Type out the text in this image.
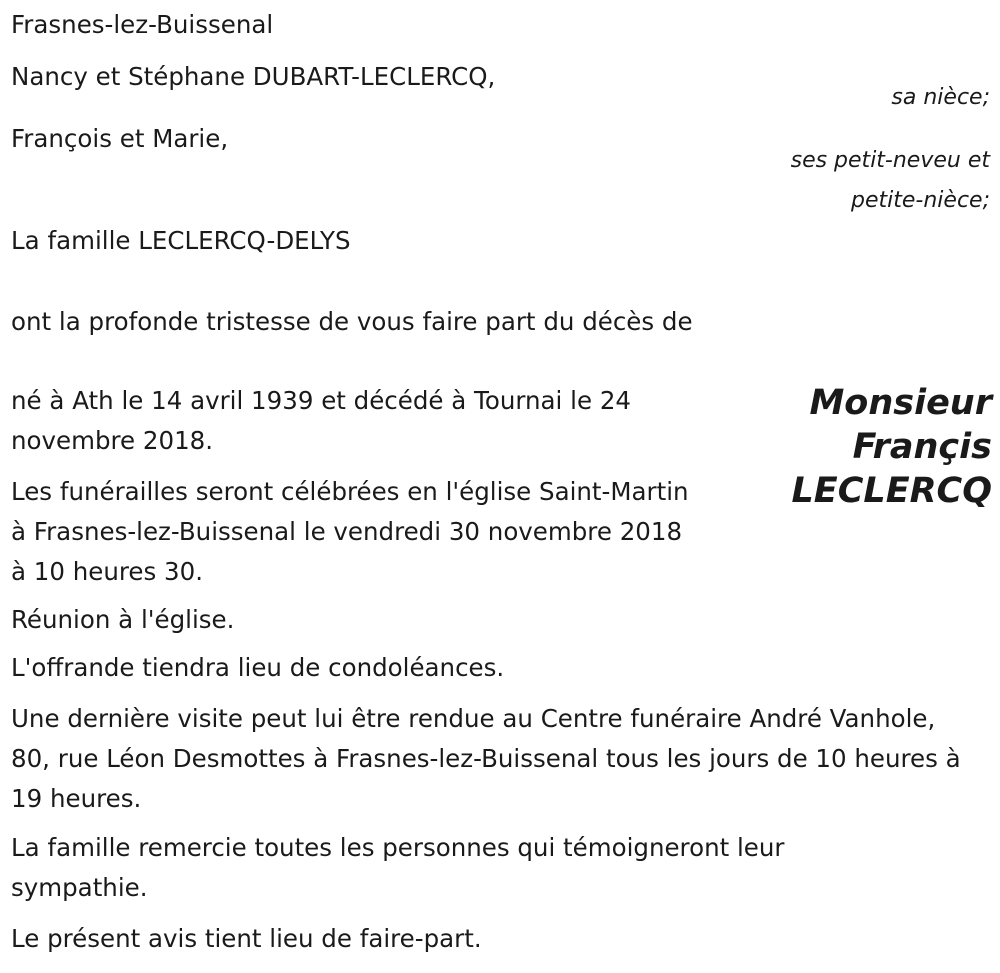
Frasnes-lez-Buissenal
Nancy et Stéphane DUBART-LECLERCQ,
sa nièce;
François et Marie,
ses petit-neveu et
petite-nièce;
La famille LECLERCQ-DELYS
ont la profonde tristesse de vous faire part du décès de
Monsieur
Françis
LECLERCQ

né à Ath le 14 avril 1939 et décédé à Tournai le 24 novembre 2018.

Les funérailles seront célébrées en l'église Saint-Martin à Frasnes-lez-Buissenal le vendredi 30 novembre 2018 à 10 heures 30.

Réunion à l'église.

L'offrande tiendra lieu de condoléances.

Une dernière visite peut lui être rendue au Centre funéraire André Vanhole, 80, rue Léon Desmottes à Frasnes-lez-Buissenal tous les jours de 10 heures à 19 heures.

La famille remercie toutes les personnes qui témoigneront leur sympathie.

Le présent avis tient lieu de faire-part.
